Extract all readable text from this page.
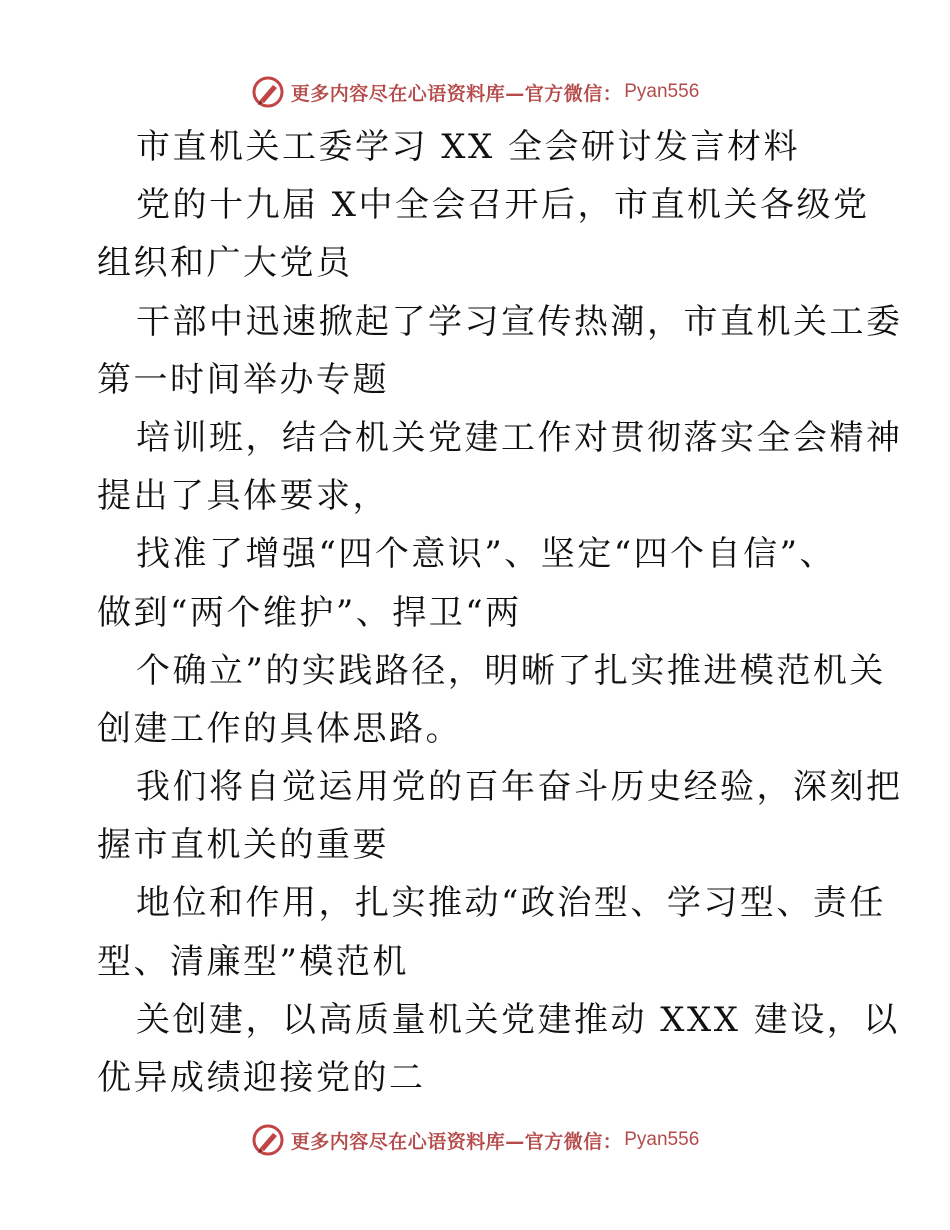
更多内容尽在心语资料库—官方微信： Pyan556
市直机关工委学习 XX 全会研讨发言材料
党的十九届 X中全会召开后，市直机关各级党
组织和广大党员
干部中迅速掀起了学习宣传热潮，市直机关工委
第一时间举办专题
培训班，结合机关党建工作对贯彻落实全会精神
提出了具体要求，
找准了增强“四个意识”、坚定“四个自信”、
做到“两个维护”、捍卫“两
个确立”的实践路径，明晰了扎实推进模范机关
创建工作的具体思路。
我们将自觉运用党的百年奋斗历史经验，深刻把
握市直机关的重要
地位和作用，扎实推动“政治型、学习型、责任
型、清廉型”模范机
关创建，以高质量机关党建推动 XXX 建设，以
优异成绩迎接党的二
更多内容尽在心语资料库—官方微信： Pyan556
